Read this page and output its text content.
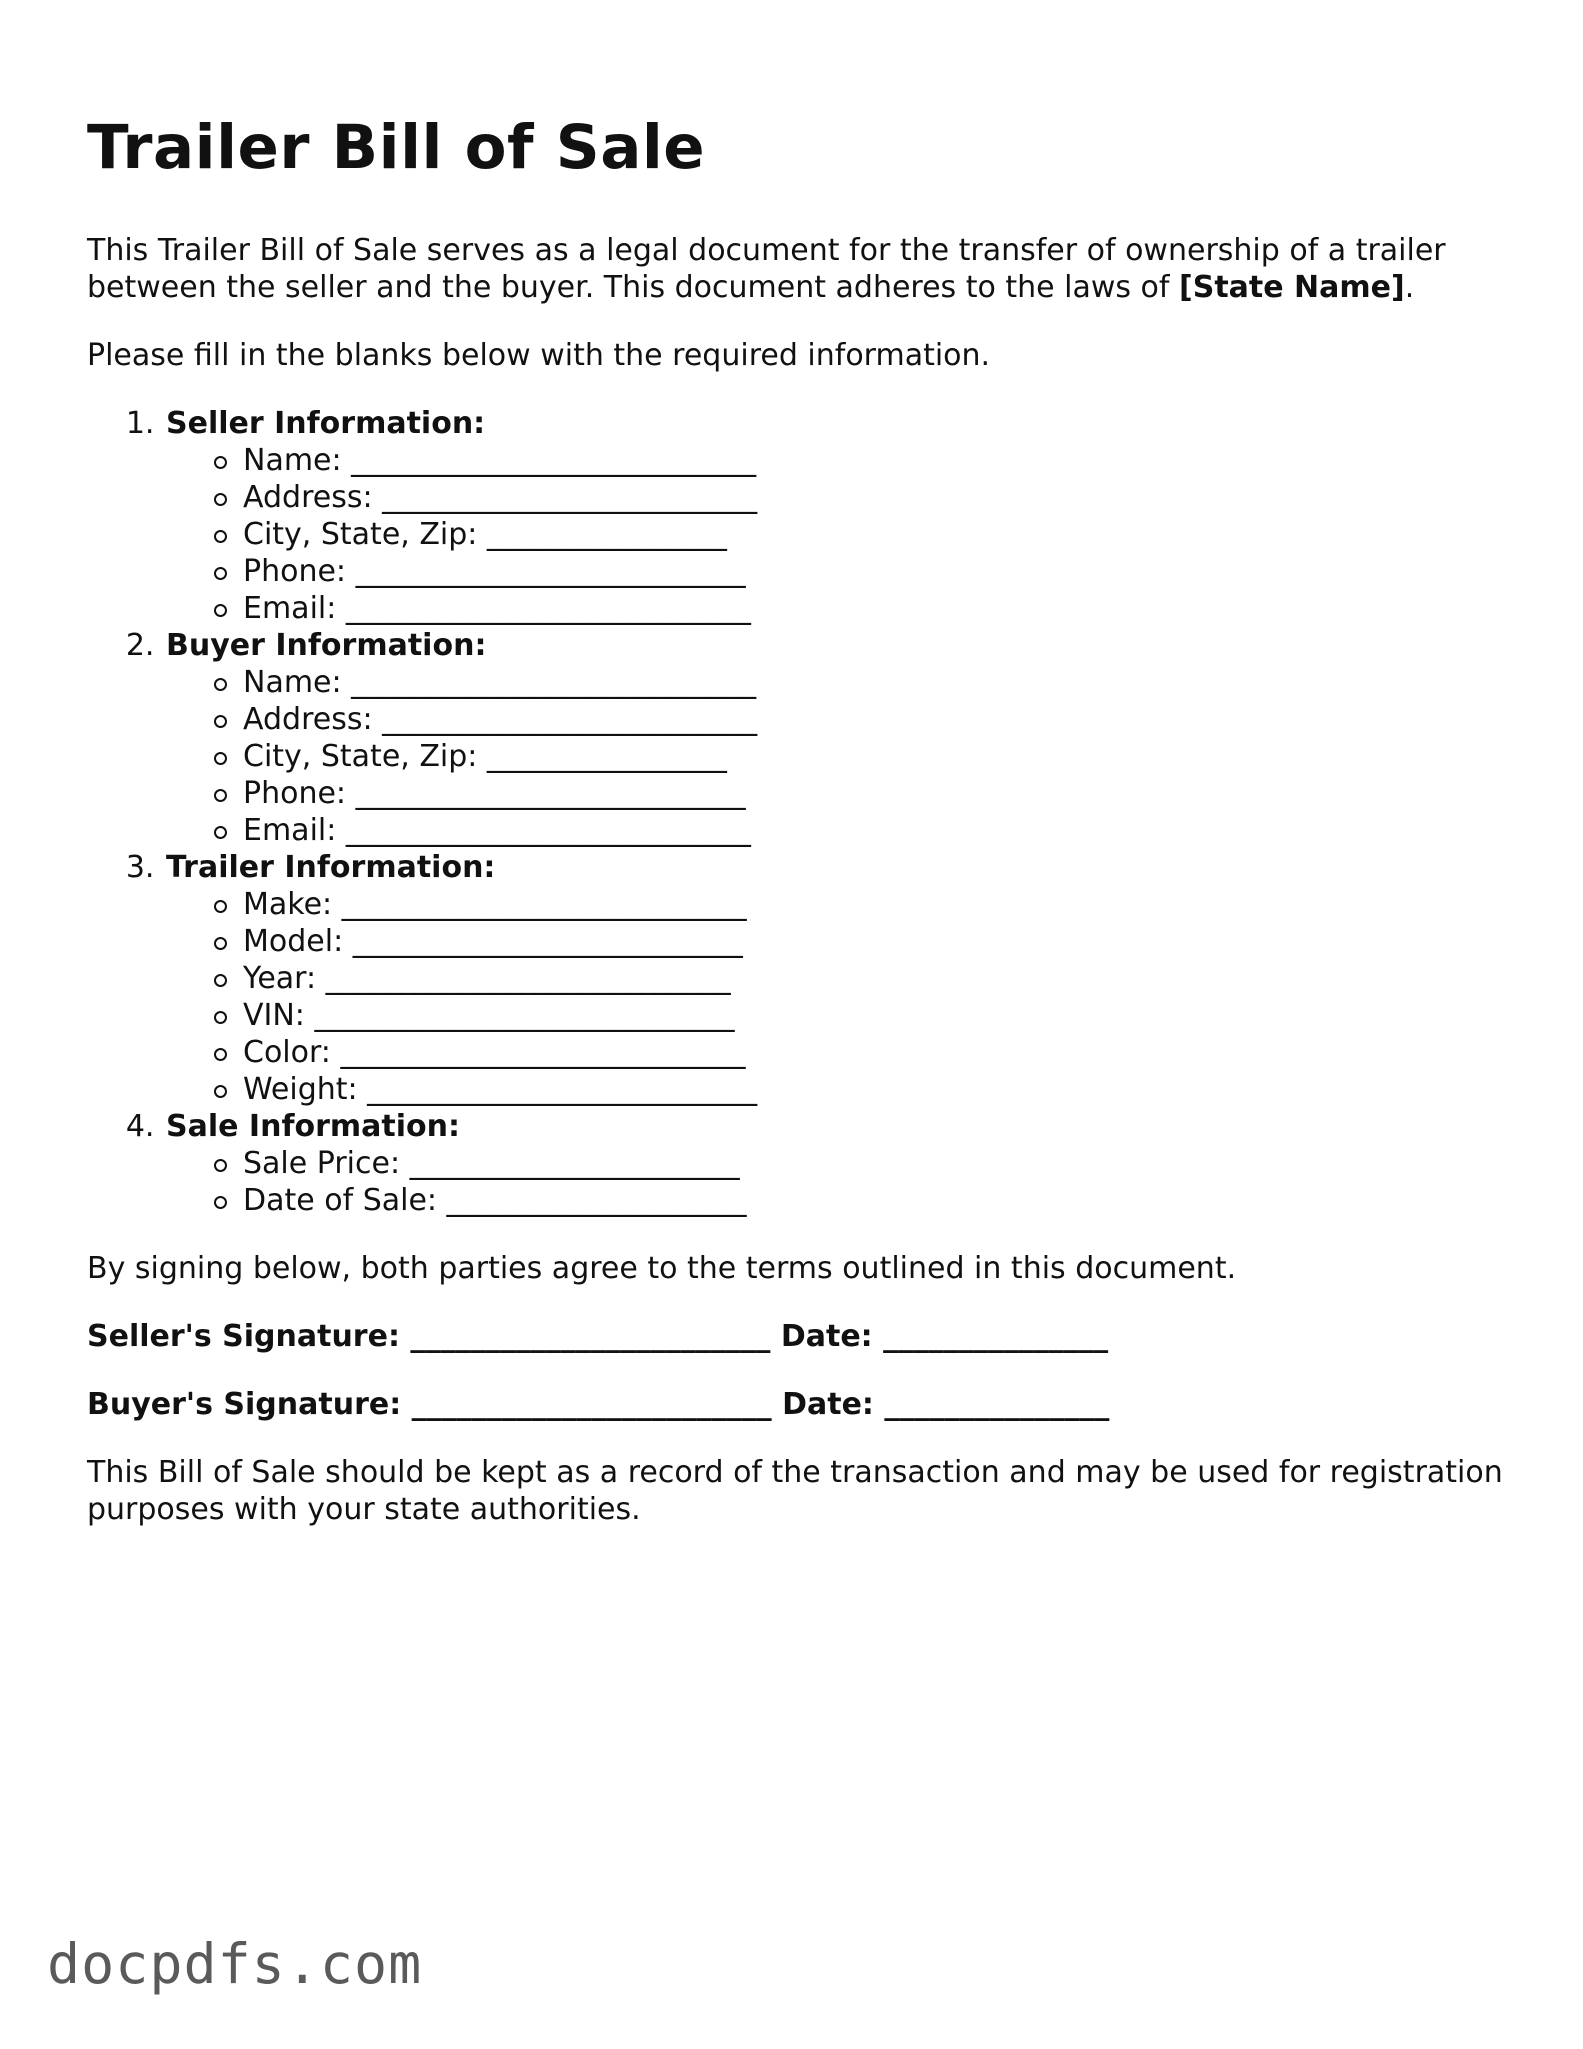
Trailer Bill of Sale

This Trailer Bill of Sale serves as a legal document for the transfer of ownership of a trailer between the seller and the buyer. This document adheres to the laws of [State Name].

Please fill in the blanks below with the required information.

1. Seller Information:
Name: ___________________________
Address: _________________________
City, State, Zip: ________________
Phone: __________________________
Email: ___________________________
2. Buyer Information:
Name: ___________________________
Address: _________________________
City, State, Zip: ________________
Phone: __________________________
Email: ___________________________
3. Trailer Information:
Make: ___________________________
Model: __________________________
Year: ___________________________
VIN: ____________________________
Color: ___________________________
Weight: __________________________
4. Sale Information:
Sale Price: ______________________
Date of Sale: ____________________

By signing below, both parties agree to the terms outlined in this document.

Seller's Signature: ________________________ Date: _______________

Buyer's Signature: ________________________ Date: _______________

This Bill of Sale should be kept as a record of the transaction and may be used for registration purposes with your state authorities.

docpdfs.com
